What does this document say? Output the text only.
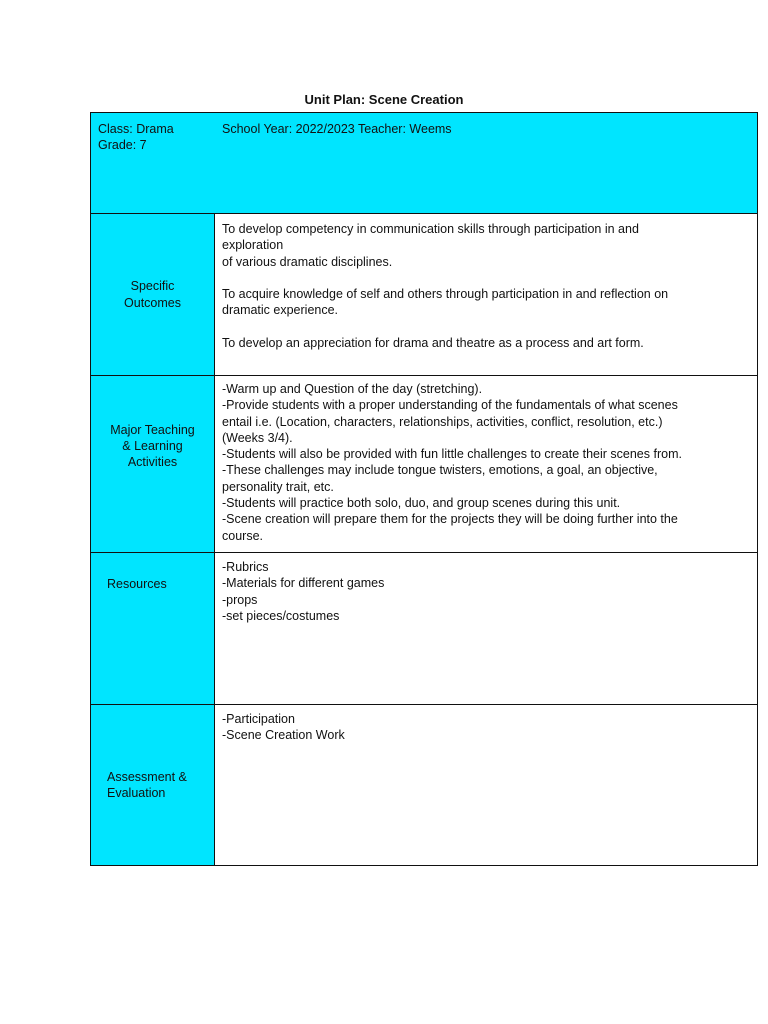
Unit Plan: Scene Creation
Class: Drama
Grade: 7
School Year: 2022/2023 Teacher: Weems
Specific
Outcomes
To develop competency in communication skills through participation in and
exploration
of various dramatic disciplines.
To acquire knowledge of self and others through participation in and reflection on
dramatic experience.
To develop an appreciation for drama and theatre as a process and art form.
Major Teaching
& Learning
Activities
-Warm up and Question of the day (stretching).
-Provide students with a proper understanding of the fundamentals of what scenes
entail i.e. (Location, characters, relationships, activities, conflict, resolution, etc.)
(Weeks 3/4).
-Students will also be provided with fun little challenges to create their scenes from.
-These challenges may include tongue twisters, emotions, a goal, an objective,
personality trait, etc.
-Students will practice both solo, duo, and group scenes during this unit.
-Scene creation will prepare them for the projects they will be doing further into the
course.
Resources
-Rubrics
-Materials for different games
-props
-set pieces/costumes
Assessment &
Evaluation
-Participation
-Scene Creation Work
